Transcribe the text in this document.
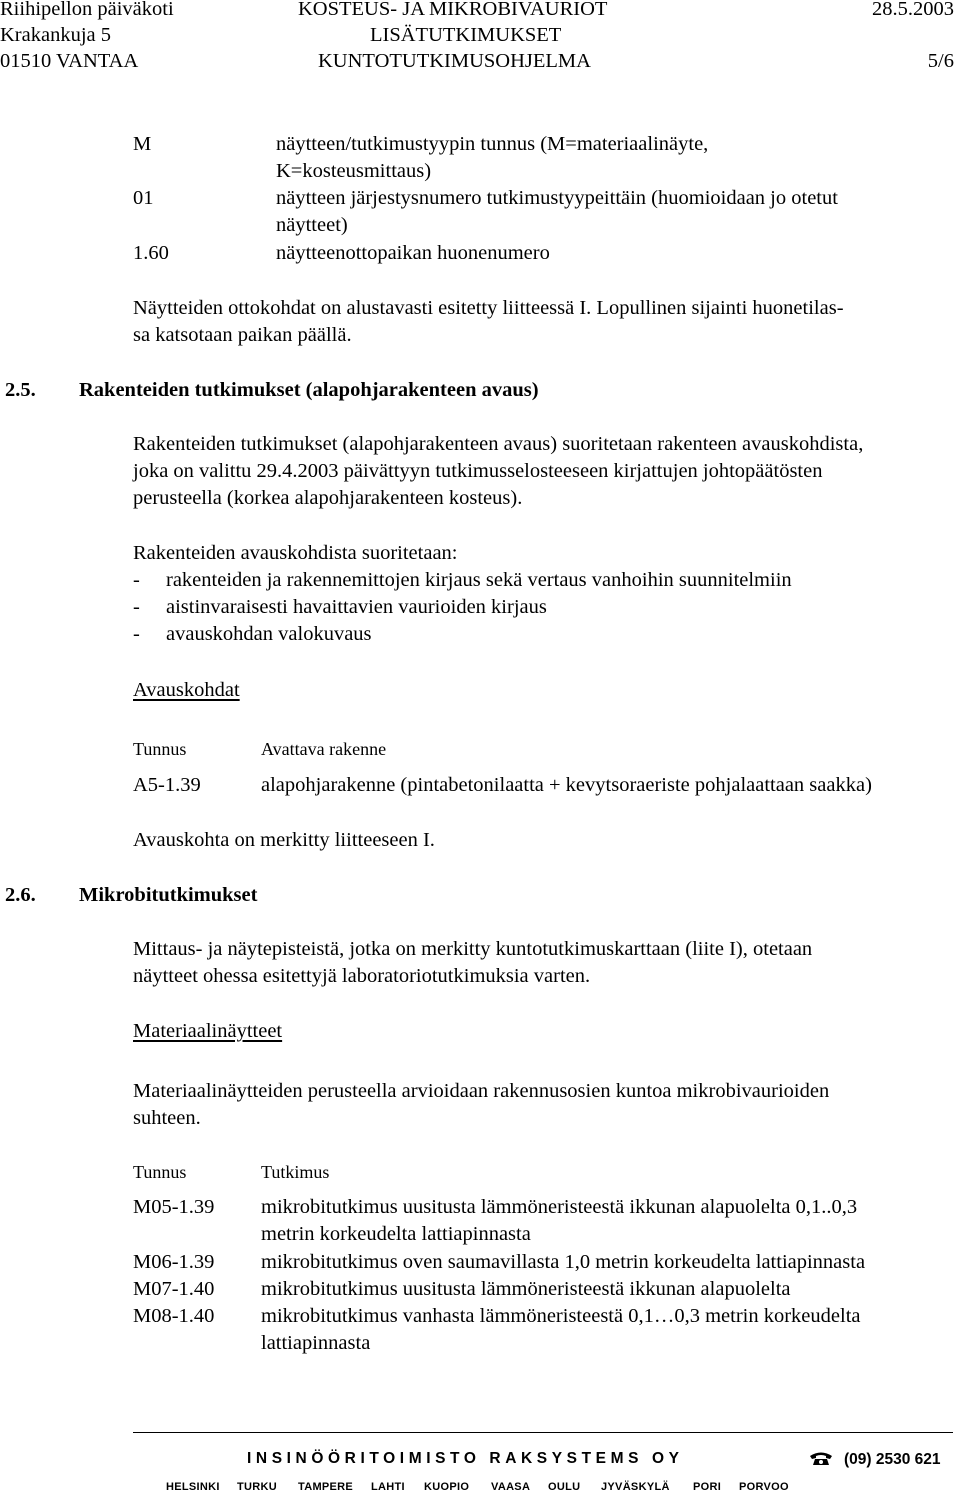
Riihipellon päiväkoti
Krakankuja 5
01510 VANTAA
KOSTEUS- JA MIKROBIVAURIOT
LISÄTUTKIMUKSET
KUNTOTUTKIMUSOHJELMA
28.5.2003
5/6
M	näytteen/tutkimustyypin tunnus (M=materiaalinäyte,
K=kosteusmittaus)
01	näytteen järjestysnumero tutkimustyypeittäin (huomioidaan jo otetut
näytteet)
1.60	näytteenottopaikan huonenumero
Näytteiden ottokohdat on alustavasti esitetty liitteessä I. Lopullinen sijainti huonetilas-
sa katsotaan paikan päällä.
2.5. Rakenteiden tutkimukset (alapohjarakenteen avaus)
Rakenteiden tutkimukset (alapohjarakenteen avaus) suoritetaan rakenteen avauskohdista,
joka on valittu 29.4.2003 päivättyyn tutkimusselosteeseen kirjattujen johtopäätösten
perusteella (korkea alapohjarakenteen kosteus).
Rakenteiden avauskohdista suoritetaan:
- rakenteiden ja rakennemittojen kirjaus sekä vertaus vanhoihin suunnitelmiin
- aistinvaraisesti havaittavien vaurioiden kirjaus
- avauskohdan valokuvaus
Avauskohdat
Tunnus	Avattava rakenne
A5-1.39	alapohjarakenne (pintabetonilaatta + kevytsoraeriste pohjalaattaan saakka)
Avauskohta on merkitty liitteeseen I.
2.6. Mikrobitutkimukset
Mittaus- ja näytepisteistä, jotka on merkitty kuntotutkimuskarttaan (liite I), otetaan
näytteet ohessa esitettyjä laboratoriotutkimuksia varten.
Materiaalinäytteet
Materiaalinäytteiden perusteella arvioidaan rakennusosien kuntoa mikrobivaurioiden
suhteen.
Tunnus	Tutkimus
M05-1.39 mikrobitutkimus uusitusta lämmöneristeestä ikkunan alapuolelta 0,1..0,3
metrin korkeudelta lattiapinnasta
M06-1.39 mikrobitutkimus oven saumavillasta 1,0 metrin korkeudelta lattiapinnasta
M07-1.40 mikrobitutkimus uusitusta lämmöneristeestä ikkunan alapuolelta
M08-1.40 mikrobitutkimus vanhasta lämmöneristeestä 0,1…0,3 metrin korkeudelta
lattiapinnasta
INSINÖÖRITOIMISTO RAKSYSTEMS OY	(09) 2530 621
HELSINKI	TURKU	TAMPERE	LAHTI	KUOPIO	VAASA	OULU	JYVÄSKYLÄ	PORI	PORVOO
